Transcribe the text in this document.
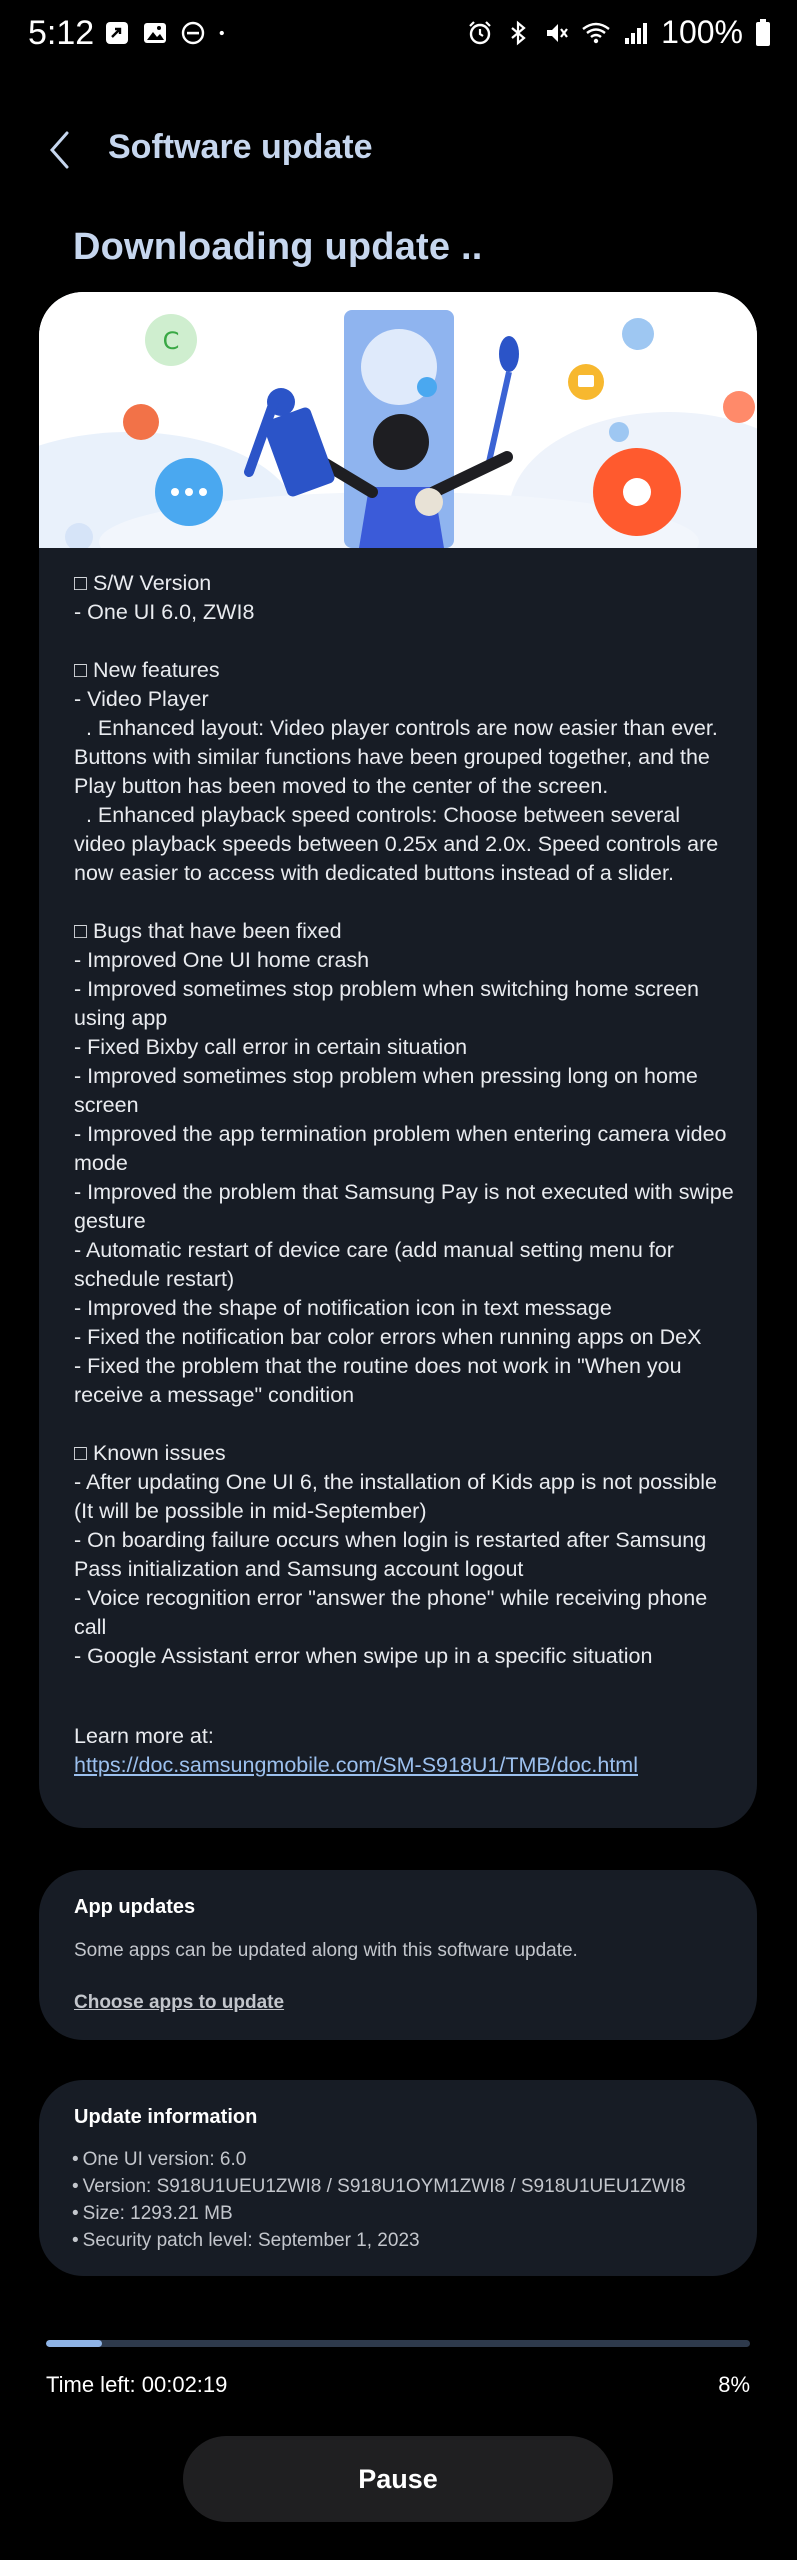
5:12	100%
Software update
Downloading update ..
C
□ S/W Version
- One UI 6.0, ZWI8

□ New features
- Video Player
. Enhanced layout: Video player controls are now easier than ever. Buttons with similar functions have been grouped together, and the Play button has been moved to the center of the screen.
. Enhanced playback speed controls: Choose between several video playback speeds between 0.25x and 2.0x. Speed controls are now easier to access with dedicated buttons instead of a slider.

□ Bugs that have been fixed
- Improved One UI home crash
- Improved sometimes stop problem when switching home screen using app
- Fixed Bixby call error in certain situation
- Improved sometimes stop problem when pressing long on home screen
- Improved the app termination problem when entering camera video mode
- Improved the problem that Samsung Pay is not executed with swipe gesture
- Automatic restart of device care (add manual setting menu for schedule restart)
- Improved the shape of notification icon in text message
- Fixed the notification bar color errors when running apps on DeX
- Fixed the problem that the routine does not work in "When you receive a message" condition

□ Known issues
- After updating One UI 6, the installation of Kids app is not possible (It will be possible in mid-September)
- On boarding failure occurs when login is restarted after Samsung Pass initialization and Samsung account logout
- Voice recognition error "answer the phone" while receiving phone call
- Google Assistant error when swipe up in a specific situation
Learn more at:
https://doc.samsungmobile.com/SM-S918U1/TMB/doc.html
App updates
Some apps can be updated along with this software update.
Choose apps to update
Update information
• One UI version: 6.0
• Version: S918U1UEU1ZWI8 / S918U1OYM1ZWI8 / S918U1UEU1ZWI8
• Size: 1293.21 MB
• Security patch level: September 1, 2023
Time left: 00:02:19	8%
Pause
